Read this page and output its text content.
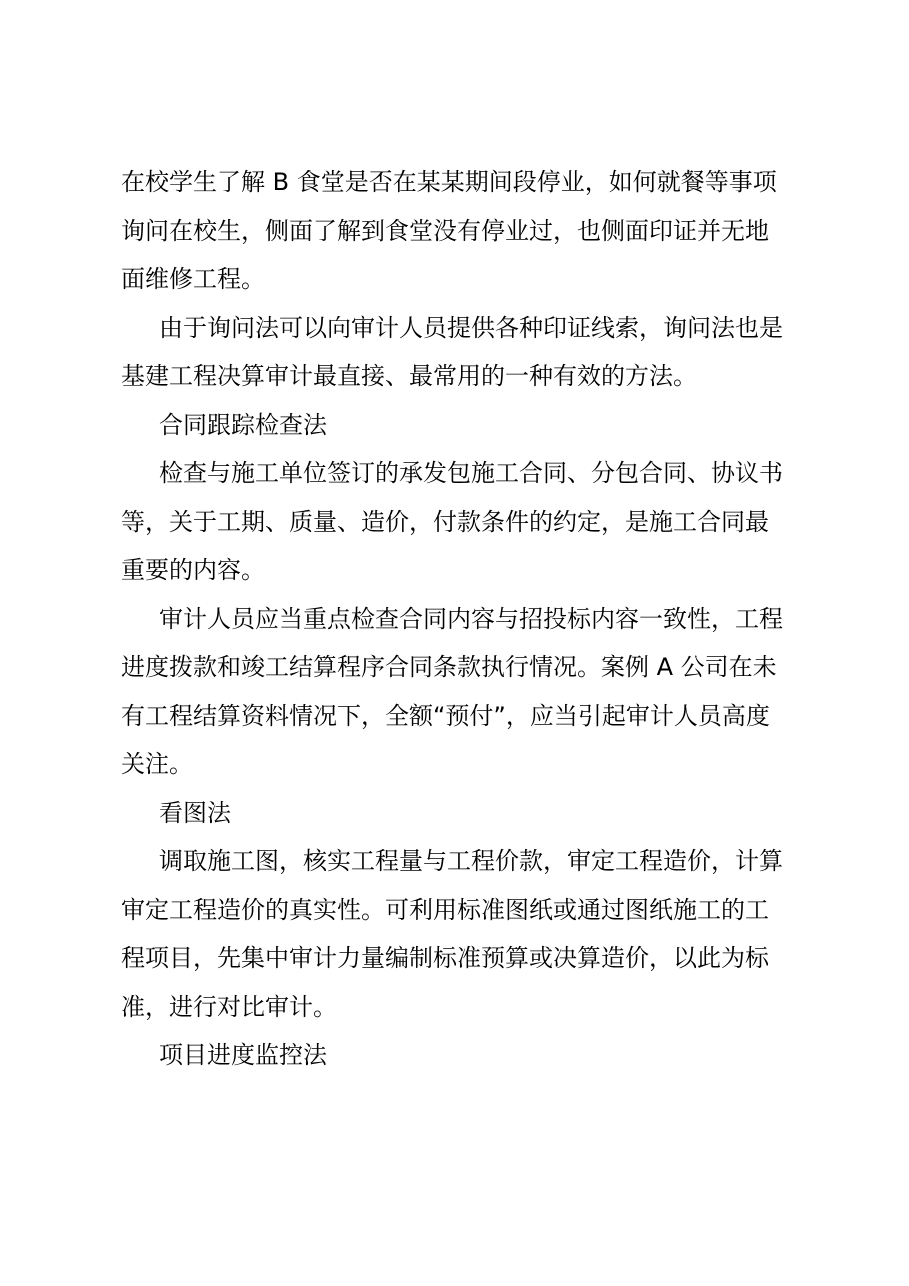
在校学生了解 B 食堂是否在某某期间段停业，如何就餐等事项
询问在校生，侧面了解到食堂没有停业过，也侧面印证并无地
面维修工程。

由于询问法可以向审计人员提供各种印证线索，询问法也是
基建工程决算审计最直接、最常用的一种有效的方法。

合同跟踪检查法

检查与施工单位签订的承发包施工合同、分包合同、协议书
等，关于工期、质量、造价，付款条件的约定，是施工合同最
重要的内容。

审计人员应当重点检查合同内容与招投标内容一致性，工程
进度拨款和竣工结算程序合同条款执行情况。案例 A 公司在未
有工程结算资料情况下，全额“预付”，应当引起审计人员高度
关注。

看图法

调取施工图，核实工程量与工程价款，审定工程造价，计算
审定工程造价的真实性。可利用标准图纸或通过图纸施工的工
程项目，先集中审计力量编制标准预算或决算造价，以此为标
准，进行对比审计。

项目进度监控法
